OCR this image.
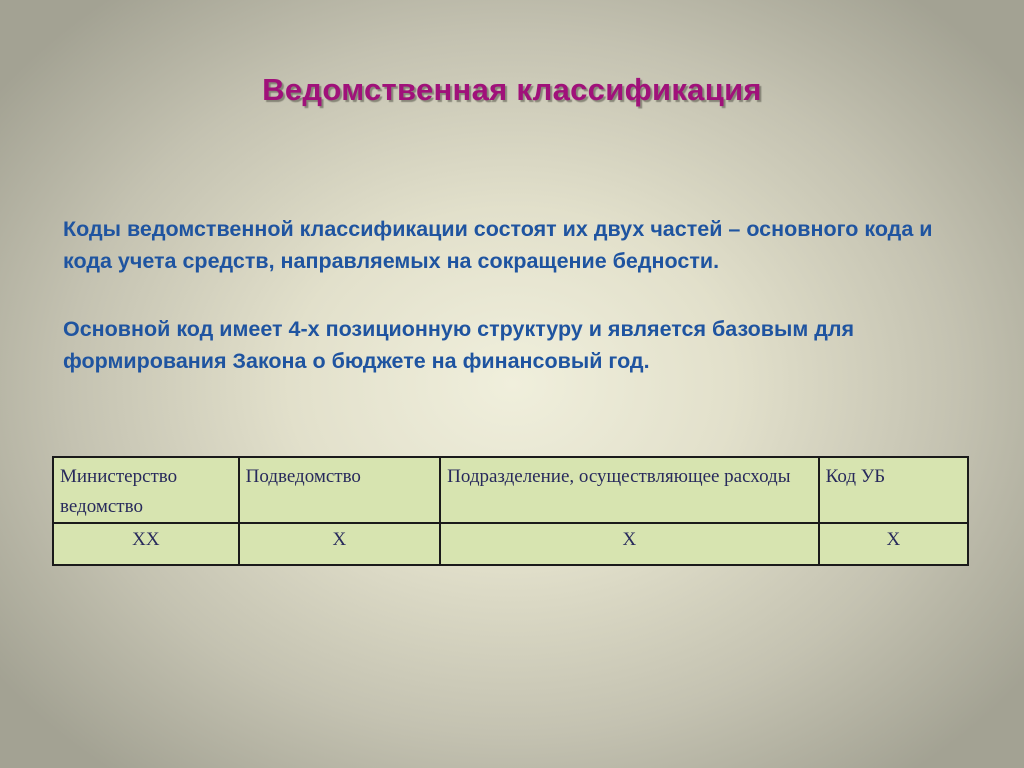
Ведомственная классификация

Коды ведомственной классификации состоят их двух частей – основного кода и кода учета средств, направляемых на сокращение бедности.

Основной код имеет 4-х позиционную структуру и является базовым для формирования Закона о бюджете на финансовый год.

Министерство ведомство	Подведомство	Подразделение, осуществляющее расходы	Код УБ
ХХ	Х	Х	Х
